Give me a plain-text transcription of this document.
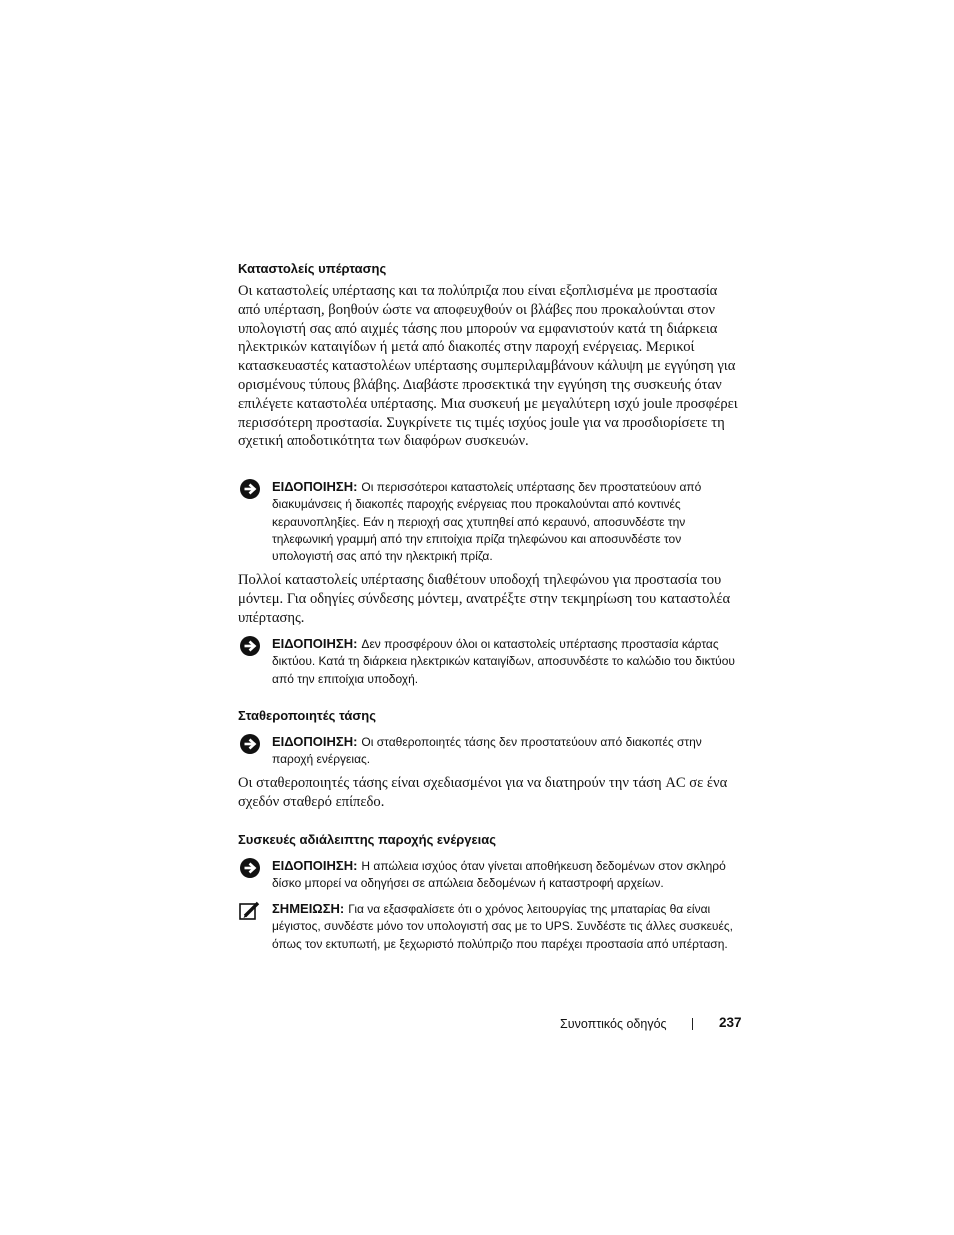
Καταστολείς υπέρτασης

Οι καταστολείς υπέρτασης και τα πολύπριζα που είναι εξοπλισμένα με προστασία από υπέρταση, βοηθούν ώστε να αποφευχθούν οι βλάβες που προκαλούνται στον υπολογιστή σας από αιχμές τάσης που μπορούν να εμφανιστούν κατά τη διάρκεια ηλεκτρικών καταιγίδων ή μετά από διακοπές στην παροχή ενέργειας. Μερικοί κατασκευαστές καταστολέων υπέρτασης συμπεριλαμβάνουν κάλυψη με εγγύηση για ορισμένους τύπους βλάβης. Διαβάστε προσεκτικά την εγγύηση της συσκευής όταν επιλέγετε καταστολέα υπέρτασης. Μια συσκευή με μεγαλύτερη ισχύ joule προσφέρει περισσότερη προστασία. Συγκρίνετε τις τιμές ισχύος joule για να προσδιορίσετε τη σχετική αποδοτικότητα των διαφόρων συσκευών.

ΕΙΔΟΠΟΙΗΣΗ: Οι περισσότεροι καταστολείς υπέρτασης δεν προστατεύουν από διακυμάνσεις ή διακοπές παροχής ενέργειας που προκαλούνται από κοντινές κεραυνοπληξίες. Εάν η περιοχή σας χτυπηθεί από κεραυνό, αποσυνδέστε την τηλεφωνική γραμμή από την επιτοίχια πρίζα τηλεφώνου και αποσυνδέστε τον υπολογιστή σας από την ηλεκτρική πρίζα.

Πολλοί καταστολείς υπέρτασης διαθέτουν υποδοχή τηλεφώνου για προστασία του μόντεμ. Για οδηγίες σύνδεσης μόντεμ, ανατρέξτε στην τεκμηρίωση του καταστολέα υπέρτασης.

ΕΙΔΟΠΟΙΗΣΗ: Δεν προσφέρουν όλοι οι καταστολείς υπέρτασης προστασία κάρτας δικτύου. Κατά τη διάρκεια ηλεκτρικών καταιγίδων, αποσυνδέστε το καλώδιο του δικτύου από την επιτοίχια υποδοχή.

Σταθεροποιητές τάσης

ΕΙΔΟΠΟΙΗΣΗ: Οι σταθεροποιητές τάσης δεν προστατεύουν από διακοπές στην παροχή ενέργειας.

Οι σταθεροποιητές τάσης είναι σχεδιασμένοι για να διατηρούν την τάση AC σε ένα σχεδόν σταθερό επίπεδο.

Συσκευές αδιάλειπτης παροχής ενέργειας

ΕΙΔΟΠΟΙΗΣΗ: Η απώλεια ισχύος όταν γίνεται αποθήκευση δεδομένων στον σκληρό δίσκο μπορεί να οδηγήσει σε απώλεια δεδομένων ή καταστροφή αρχείων.

ΣΗΜΕΙΩΣΗ: Για να εξασφαλίσετε ότι ο χρόνος λειτουργίας της μπαταρίας θα είναι μέγιστος, συνδέστε μόνο τον υπολογιστή σας με το UPS. Συνδέστε τις άλλες συσκευές, όπως τον εκτυπωτή, με ξεχωριστό πολύπριζο που παρέχει προστασία από υπέρταση.

Συνοπτικός οδηγός	237
